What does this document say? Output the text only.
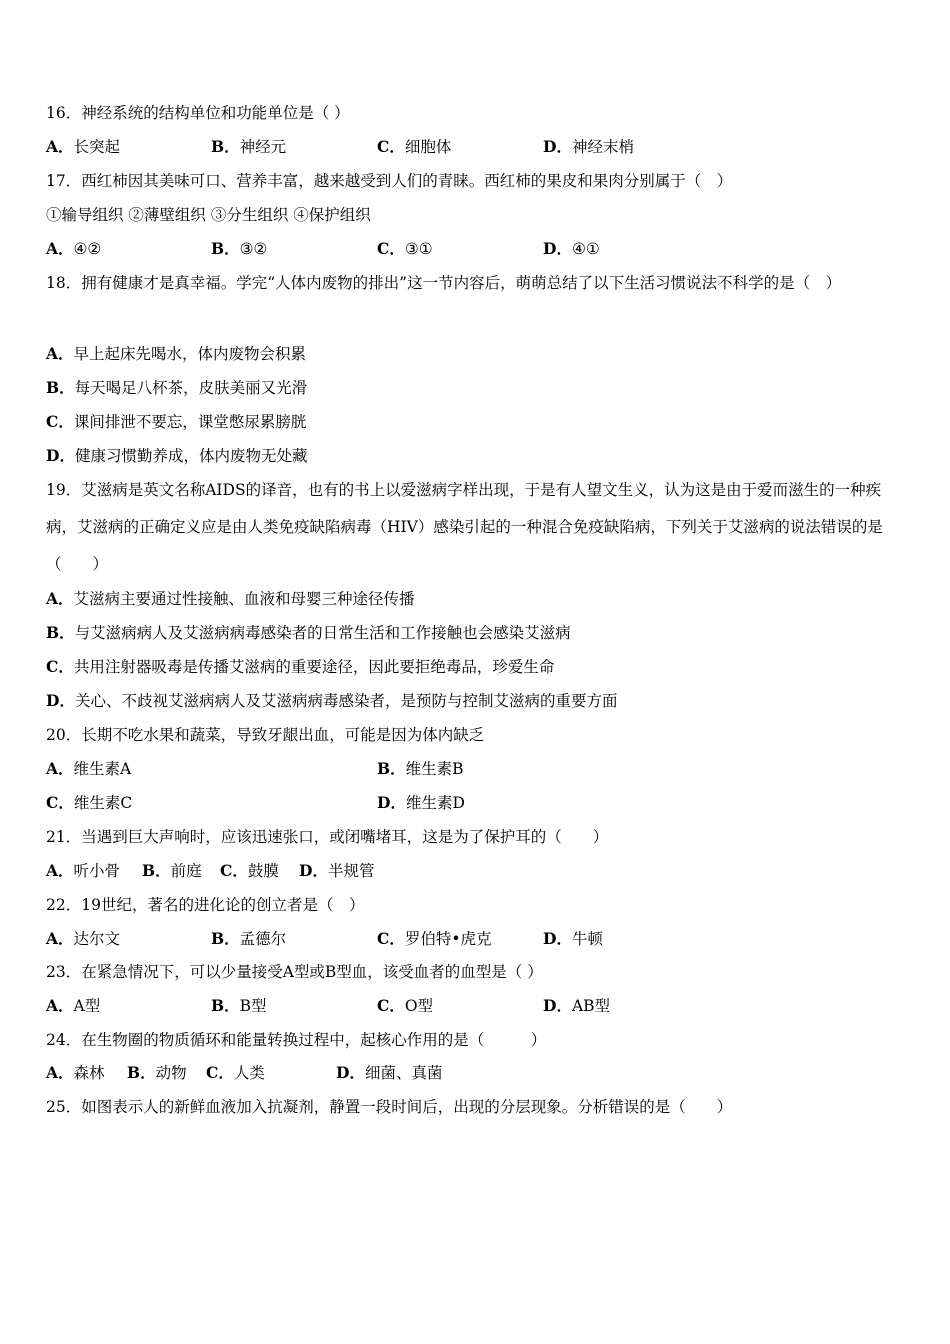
16．神经系统的结构单位和功能单位是（ ）
A．长突起	B．神经元	C．细胞体	D．神经末梢
17．西红柿因其美味可口、营养丰富，越来越受到人们的青睐。西红柿的果皮和果肉分别属于（　）
①输导组织 ②薄壁组织 ③分生组织 ④保护组织
A．④②	B．③②	C．③①	D．④①
18．拥有健康才是真幸福。学完“人体内废物的排出”这一节内容后，萌萌总结了以下生活习惯说法不科学的是（　）
A．早上起床先喝水，体内废物会积累
B．每天喝足八杯茶，皮肤美丽又光滑
C．课间排泄不要忘，课堂憋尿累膀胱
D．健康习惯勤养成，体内废物无处藏
19．艾滋病是英文名称AIDS的译音，也有的书上以爱滋病字样出现，于是有人望文生义，认为这是由于爱而滋生的一种疾病，艾滋病的正确定义应是由人类免疫缺陷病毒（HIV）感染引起的一种混合免疫缺陷病，下列关于艾滋病的说法错误的是（　　）
A．艾滋病主要通过性接触、血液和母婴三种途径传播
B．与艾滋病病人及艾滋病病毒感染者的日常生活和工作接触也会感染艾滋病
C．共用注射器吸毒是传播艾滋病的重要途径，因此要拒绝毒品，珍爱生命
D．关心、不歧视艾滋病病人及艾滋病病毒感染者，是预防与控制艾滋病的重要方面
20．长期不吃水果和蔬菜，导致牙龈出血，可能是因为体内缺乏
A．维生素A	B．维生素B
C．维生素C	D．维生素D
21．当遇到巨大声响时，应该迅速张口，或闭嘴堵耳，这是为了保护耳的（　　）
A．听小骨 B．前庭 C．鼓膜 D．半规管
22．19世纪，著名的进化论的创立者是（　）
A．达尔文	B．孟德尔	C．罗伯特•虎克	D．牛顿
23．在紧急情况下，可以少量接受A型或B型血，该受血者的血型是（ ）
A．A型	B．B型	C．O型	D．AB型
24．在生物圈的物质循环和能量转换过程中，起核心作用的是（　　　）
A．森林 B．动物 C．人类	D．细菌、真菌
25．如图表示人的新鲜血液加入抗凝剂，静置一段时间后，出现的分层现象。分析错误的是（　　）
